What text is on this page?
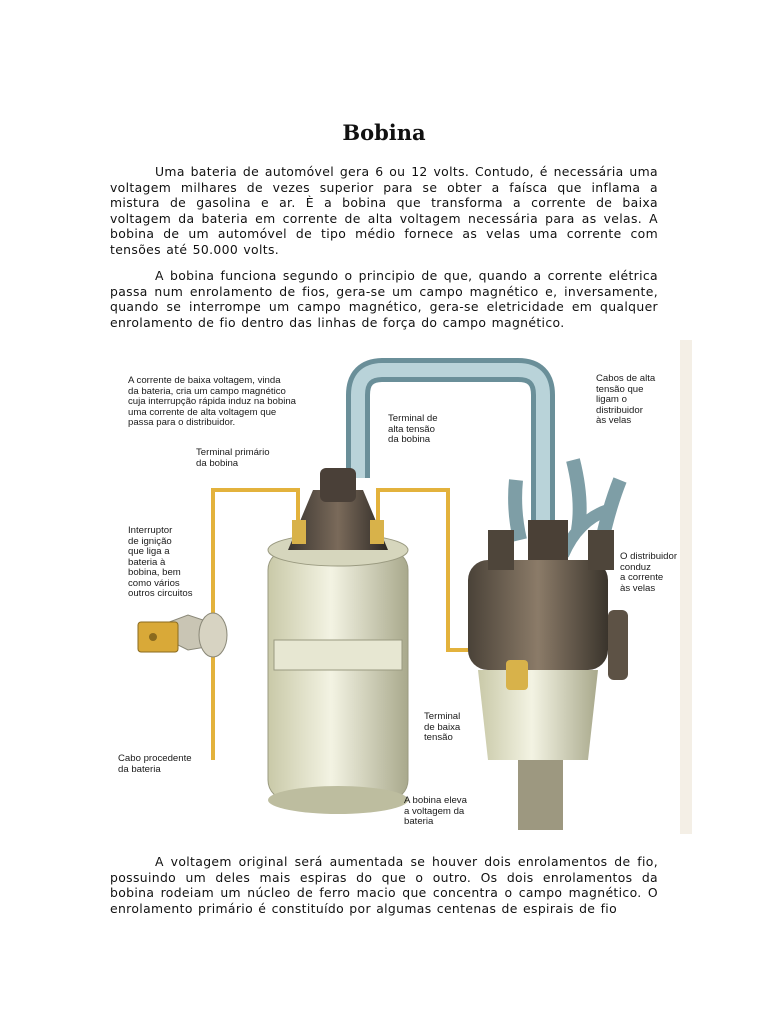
Bobina
Uma bateria de automóvel gera 6 ou 12 volts. Contudo, é necessária uma voltagem milhares de vezes superior para se obter a faísca que inflama a mistura de gasolina e ar. È a bobina que transforma a corrente de baixa voltagem da bateria em corrente de alta voltagem necessária para as velas. A bobina de um automóvel de tipo médio fornece as velas uma corrente com tensões até 50.000 volts.
A bobina funciona segundo o principio de que, quando a corrente elétrica passa num enrolamento de fios, gera-se um campo magnético e, inversamente, quando se interrompe um campo magnético, gera-se eletricidade em qualquer enrolamento de fio dentro das linhas de força do campo magnético.
A corrente de baixa voltagem, vinda
da bateria, cria um campo magnético
cuja interrupção rápida induz na bobina
uma corrente de alta voltagem que
passa para o distribuidor.
Terminal primário
da bobina
Terminal de
alta tensão
da bobina
Cabos de alta
tensão que
ligam o
distribuidor
às velas
Interruptor
de ignição
que liga a
bateria à
bobina, bem
como vários
outros circuitos
O distribuidor
conduz
a corrente
às velas
Terminal
de baixa
tensão
Cabo procedente
da bateria
A bobina eleva
a voltagem da
bateria
A voltagem original será aumentada se houver dois enrolamentos de fio, possuindo um deles mais espiras do que o outro. Os dois enrolamentos da bobina rodeiam um núcleo de ferro macio que concentra o campo magnético. O enrolamento primário é constituído por algumas centenas de espirais de fio
